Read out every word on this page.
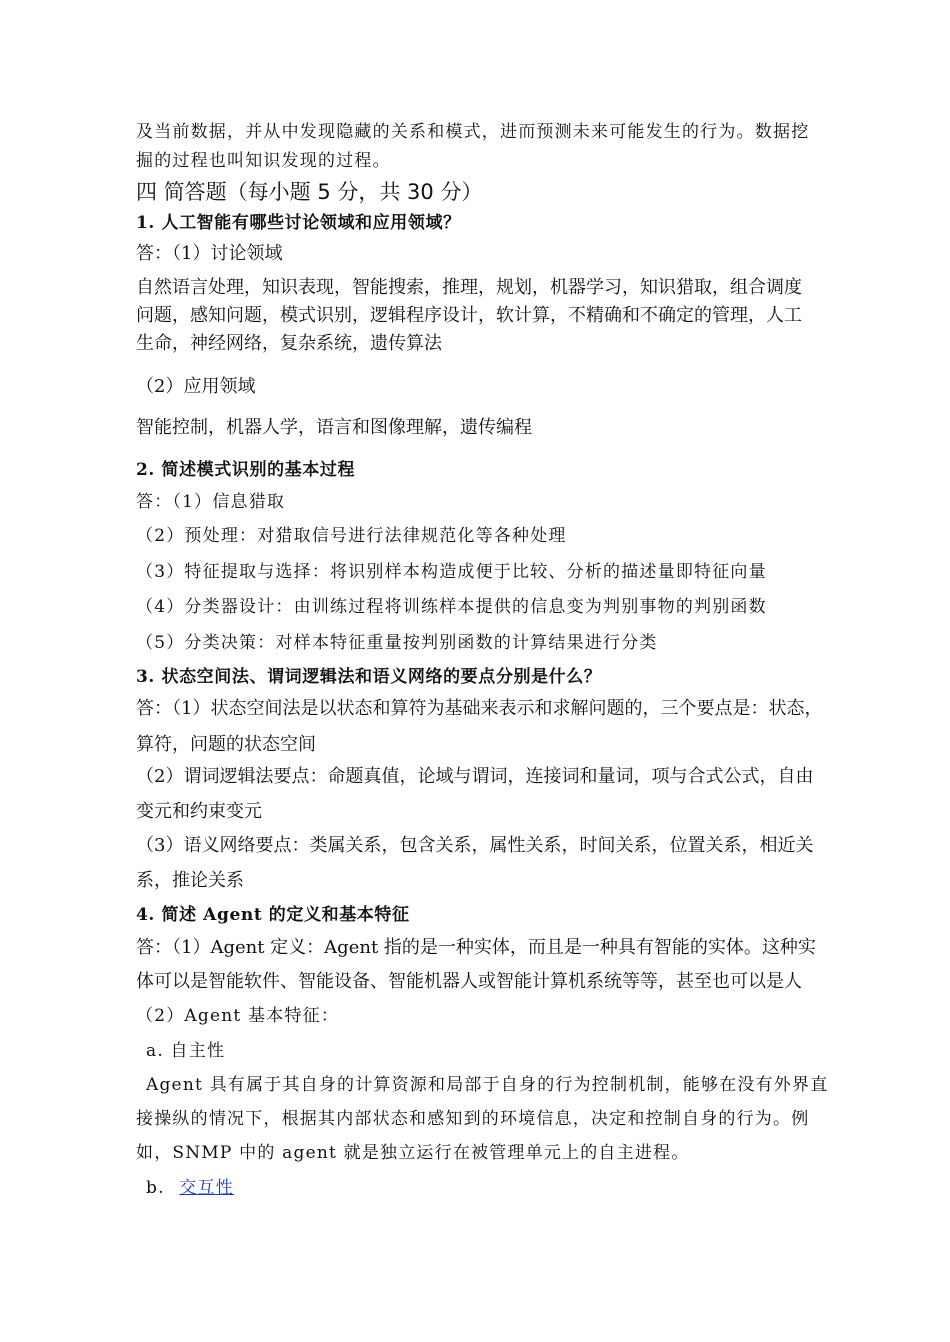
及当前数据，并从中发现隐藏的关系和模式，进而预测未来可能发生的行为。数据挖
掘的过程也叫知识发现的过程。
四 简答题（每小题 5 分，共 30 分）
1. 人工智能有哪些讨论领域和应用领域？
答：（1）讨论领域
自然语言处理，知识表现，智能搜索，推理，规划，机器学习，知识猎取，组合调度
问题，感知问题，模式识别，逻辑程序设计，软计算，不精确和不确定的管理，人工
生命，神经网络，复杂系统，遗传算法
（2）应用领域
智能控制，机器人学，语言和图像理解，遗传编程
2. 简述模式识别的基本过程
答：（1）信息猎取
（2）预处理：对猎取信号进行法律规范化等各种处理
（3）特征提取与选择：将识别样本构造成便于比较、分析的描述量即特征向量
（4）分类器设计：由训练过程将训练样本提供的信息变为判别事物的判别函数
（5）分类决策：对样本特征重量按判别函数的计算结果进行分类
3. 状态空间法、谓词逻辑法和语义网络的要点分别是什么？
答：（1）状态空间法是以状态和算符为基础来表示和求解问题的，三个要点是：状态，
算符，问题的状态空间
（2）谓词逻辑法要点：命题真值，论域与谓词，连接词和量词，项与合式公式，自由
变元和约束变元
（3）语义网络要点：类属关系，包含关系，属性关系，时间关系，位置关系，相近关
系，推论关系
4. 简述 Agent 的定义和基本特征
答：（1）Agent 定义：Agent 指的是一种实体，而且是一种具有智能的实体。这种实
体可以是智能软件、智能设备、智能机器人或智能计算机系统等等，甚至也可以是人
（2）Agent 基本特征：
a. 自主性
Agent 具有属于其自身的计算资源和局部于自身的行为控制机制，能够在没有外界直
接操纵的情况下，根据其内部状态和感知到的环境信息，决定和控制自身的行为。例
如，SNMP 中的 agent 就是独立运行在被管理单元上的自主进程。
b. 交互性
